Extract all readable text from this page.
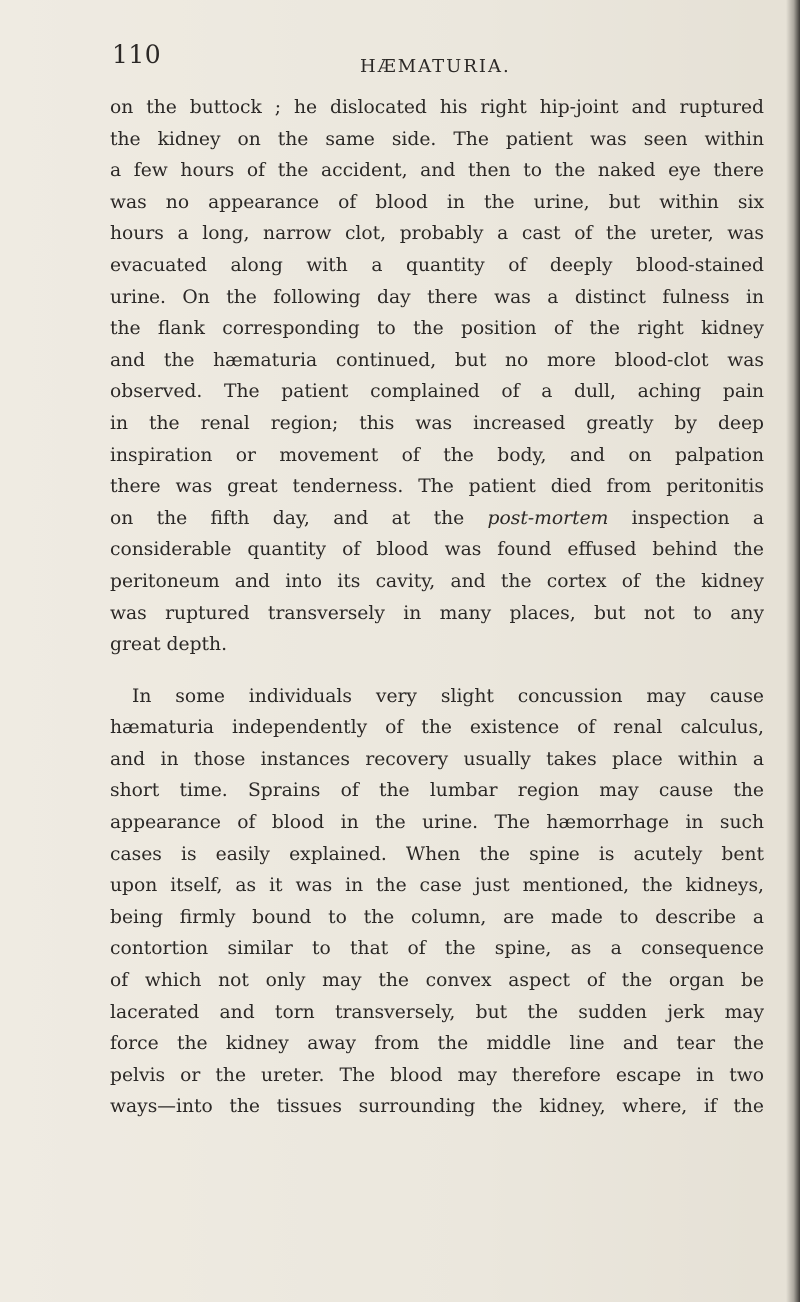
110	HÆMATURIA.

on the buttock ; he dislocated his right hip-joint and ruptured
the kidney on the same side. The patient was seen within
a few hours of the accident, and then to the naked eye there
was no appearance of blood in the urine, but within six
hours a long, narrow clot, probably a cast of the ureter, was
evacuated along with a quantity of deeply blood-stained
urine. On the following day there was a distinct fulness in
the flank corresponding to the position of the right kidney
and the hæmaturia continued, but no more blood-clot was
observed. The patient complained of a dull, aching pain
in the renal region; this was increased greatly by deep
inspiration or movement of the body, and on palpation
there was great tenderness. The patient died from peritonitis
on the fifth day, and at the post-mortem inspection a
considerable quantity of blood was found effused behind the
peritoneum and into its cavity, and the cortex of the kidney
was ruptured transversely in many places, but not to any
great depth.

In some individuals very slight concussion may cause
hæmaturia independently of the existence of renal calculus,
and in those instances recovery usually takes place within a
short time. Sprains of the lumbar region may cause the
appearance of blood in the urine. The hæmorrhage in such
cases is easily explained. When the spine is acutely bent
upon itself, as it was in the case just mentioned, the kidneys,
being firmly bound to the column, are made to describe a
contortion similar to that of the spine, as a consequence
of which not only may the convex aspect of the organ be
lacerated and torn transversely, but the sudden jerk may
force the kidney away from the middle line and tear the
pelvis or the ureter. The blood may therefore escape in two
ways—into the tissues surrounding the kidney, where, if the
